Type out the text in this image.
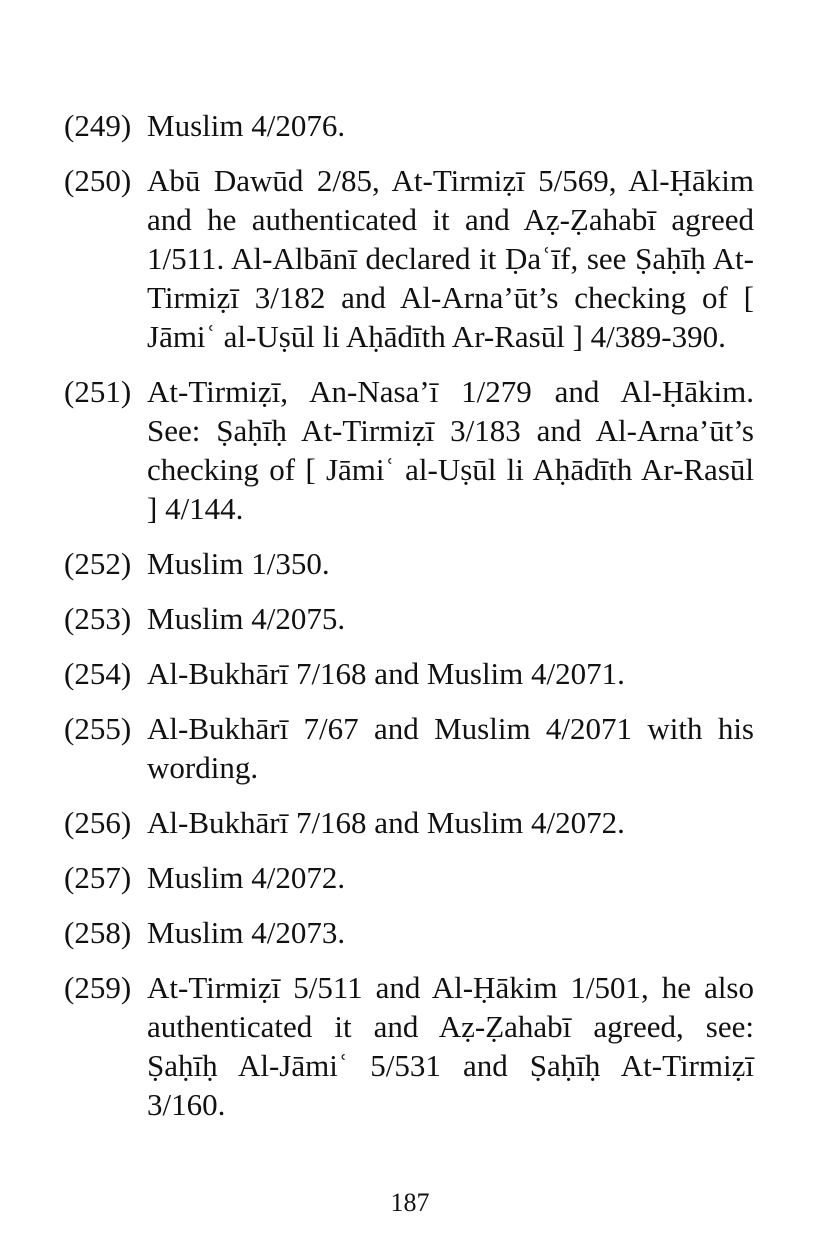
(249) Muslim 4/2076.
(250) Abū Dawūd 2/85, At-Tirmiẓī 5/569, Al-Ḥākim and he authenticated it and Aẓ-Ẓahabī agreed 1/511. Al-Albānī declared it Ḍaʿīf, see Ṣaḥīḥ At-Tirmiẓī 3/182 and Al-Arna’ūt’s checking of [ Jāmiʿ al-Uṣūl li Aḥādīth Ar-Rasūl ] 4/389-390.
(251) At-Tirmiẓī, An-Nasa’ī 1/279 and Al-Ḥākim. See: Ṣaḥīḥ At-Tirmiẓī 3/183 and Al-Arna’ūt’s checking of [ Jāmiʿ al-Uṣūl li Aḥādīth Ar-Rasūl ] 4/144.
(252) Muslim 1/350.
(253) Muslim 4/2075.
(254) Al-Bukhārī 7/168 and Muslim 4/2071.
(255) Al-Bukhārī 7/67 and Muslim 4/2071 with his wording.
(256) Al-Bukhārī 7/168 and Muslim 4/2072.
(257) Muslim 4/2072.
(258) Muslim 4/2073.
(259) At-Tirmiẓī 5/511 and Al-Ḥākim 1/501, he also authenticated it and Aẓ-Ẓahabī agreed, see: Ṣaḥīḥ Al-Jāmiʿ 5/531 and Ṣaḥīḥ At-Tirmiẓī 3/160.
187
